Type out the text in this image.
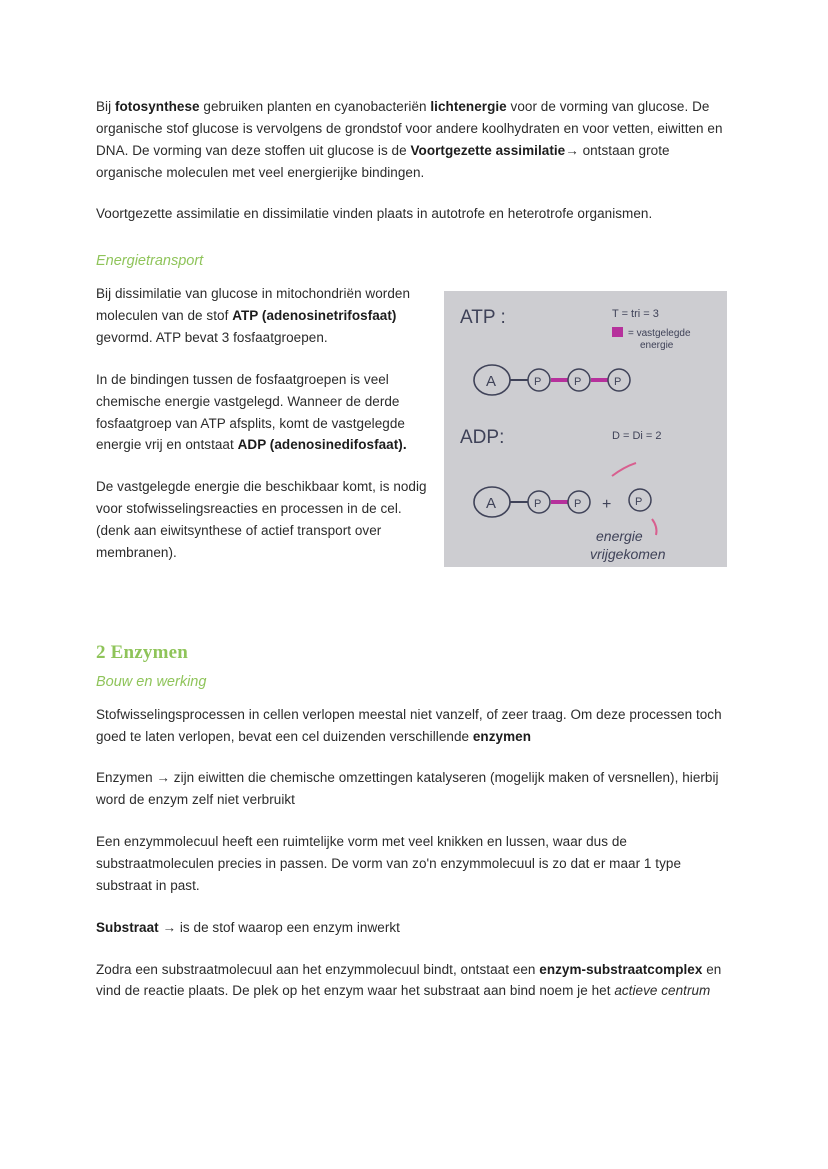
Bij fotosynthese gebruiken planten en cyanobacteriën lichtenergie voor de vorming van glucose. De organische stof glucose is vervolgens de grondstof voor andere koolhydraten en voor vetten, eiwitten en DNA. De vorming van deze stoffen uit glucose is de Voortgezette assimilatie→ ontstaan grote organische moleculen met veel energierijke bindingen.

Voortgezette assimilatie en dissimilatie vinden plaats in autotrofe en heterotrofe organismen.

Energietransport

Bij dissimilatie van glucose in mitochondriën worden moleculen van de stof ATP (adenosinetrifosfaat) gevormd. ATP bevat 3 fosfaatgroepen.

In de bindingen tussen de fosfaatgroepen is veel chemische energie vastgelegd. Wanneer de derde fosfaatgroep van ATP afsplits, komt de vastgelegde energie vrij en ontstaat ADP (adenosinedifosfaat).

De vastgelegde energie die beschikbaar komt, is nodig voor stofwisselingsreacties en processen in de cel. (denk aan eiwitsynthese of actief transport over membranen).

ATP :	T = tri = 3
= vastgelegde
energie
A	P	P	P
ADP:	D = Di = 2
A	P	P + P
energie
vrijgekomen
2 Enzymen
Bouw en werking

Stofwisselingsprocessen in cellen verlopen meestal niet vanzelf, of zeer traag. Om deze processen toch goed te laten verlopen, bevat een cel duizenden verschillende enzymen

Enzymen → zijn eiwitten die chemische omzettingen katalyseren (mogelijk maken of versnellen), hierbij word de enzym zelf niet verbruikt

Een enzymmolecuul heeft een ruimtelijke vorm met veel knikken en lussen, waar dus de substraatmoleculen precies in passen. De vorm van zo'n enzymmolecuul is zo dat er maar 1 type substraat in past.

Substraat → is de stof waarop een enzym inwerkt

Zodra een substraatmolecuul aan het enzymmolecuul bindt, ontstaat een enzym-substraatcomplex en vind de reactie plaats. De plek op het enzym waar het substraat aan bind noem je het actieve centrum
